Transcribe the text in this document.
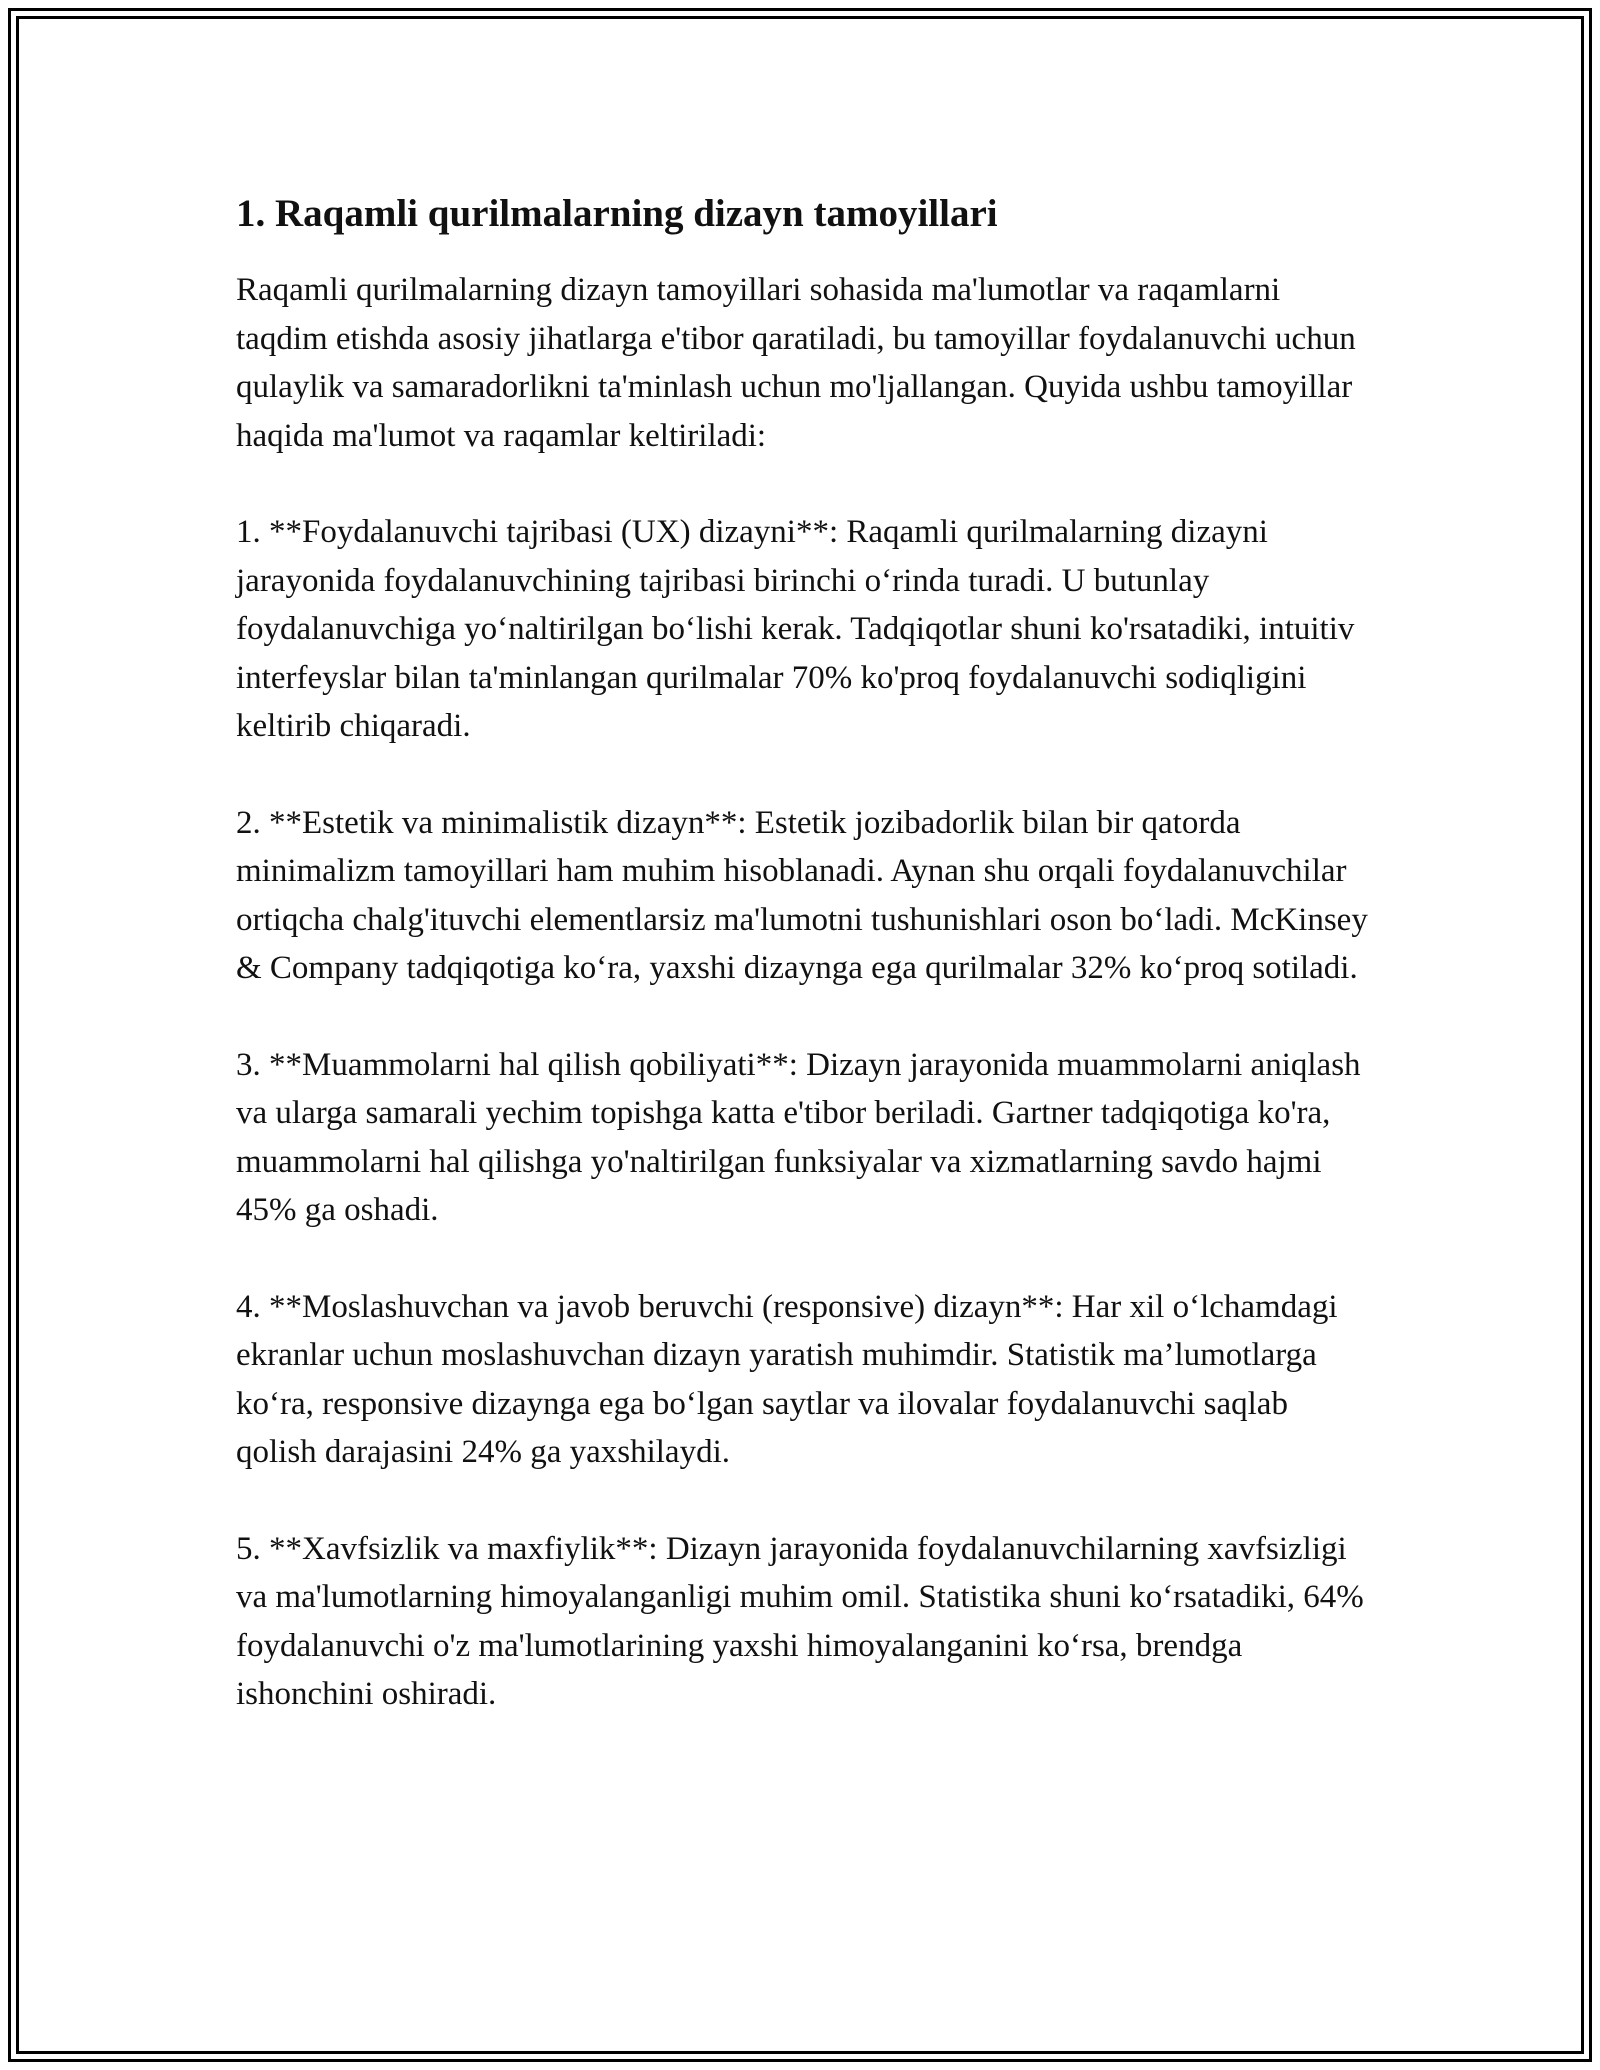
1. Raqamli qurilmalarning dizayn tamoyillari

Raqamli qurilmalarning dizayn tamoyillari sohasida ma'lumotlar va raqamlarni taqdim etishda asosiy jihatlarga e'tibor qaratiladi, bu tamoyillar foydalanuvchi uchun qulaylik va samaradorlikni ta'minlash uchun mo'ljallangan. Quyida ushbu tamoyillar haqida ma'lumot va raqamlar keltiriladi:

1. **Foydalanuvchi tajribasi (UX) dizayni**: Raqamli qurilmalarning dizayni jarayonida foydalanuvchining tajribasi birinchi oʻrinda turadi. U butunlay foydalanuvchiga yoʻnaltirilgan boʻlishi kerak. Tadqiqotlar shuni ko'rsatadiki, intuitiv interfeyslar bilan ta'minlangan qurilmalar 70% ko'proq foydalanuvchi sodiqligini keltirib chiqaradi.

2. **Estetik va minimalistik dizayn**: Estetik jozibadorlik bilan bir qatorda minimalizm tamoyillari ham muhim hisoblanadi. Aynan shu orqali foydalanuvchilar ortiqcha chalg'ituvchi elementlarsiz ma'lumotni tushunishlari oson boʻladi. McKinsey & Company tadqiqotiga koʻra, yaxshi dizaynga ega qurilmalar 32% koʻproq sotiladi.

3. **Muammolarni hal qilish qobiliyati**: Dizayn jarayonida muammolarni aniqlash va ularga samarali yechim topishga katta e'tibor beriladi. Gartner tadqiqotiga ko'ra, muammolarni hal qilishga yo'naltirilgan funksiyalar va xizmatlarning savdo hajmi 45% ga oshadi.

4. **Moslashuvchan va javob beruvchi (responsive) dizayn**: Har xil oʻlchamdagi ekranlar uchun moslashuvchan dizayn yaratish muhimdir. Statistik ma’lumotlarga koʻra, responsive dizaynga ega boʻlgan saytlar va ilovalar foydalanuvchi saqlab qolish darajasini 24% ga yaxshilaydi.

5. **Xavfsizlik va maxfiylik**: Dizayn jarayonida foydalanuvchilarning xavfsizligi va ma'lumotlarning himoyalanganligi muhim omil. Statistika shuni koʻrsatadiki, 64% foydalanuvchi o'z ma'lumotlarining yaxshi himoyalanganini koʻrsa, brendga ishonchini oshiradi.
